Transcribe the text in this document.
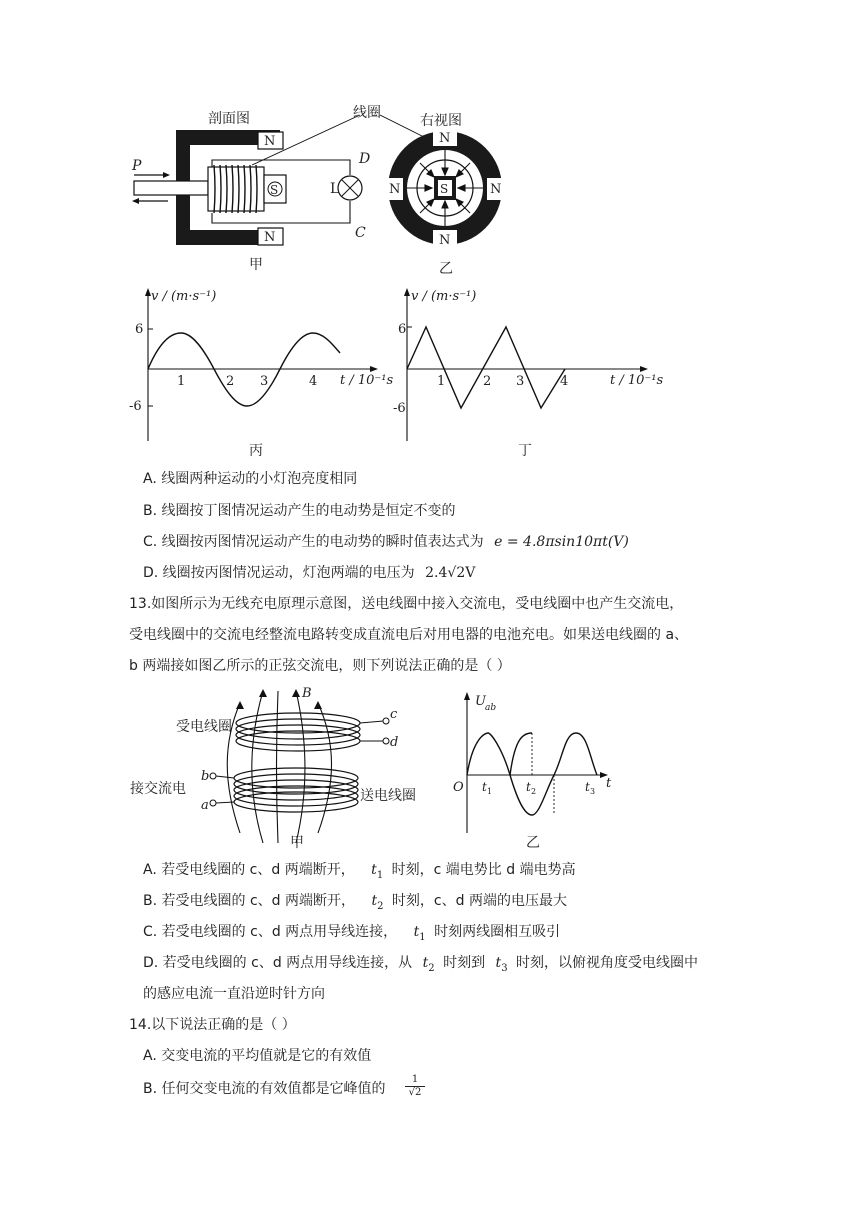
剖面图	线圈	右视图
P	D
C
L
S
N
N
N
N
N	N
S
甲	乙
v / (m·s⁻¹)
t / 10⁻¹s
6
-6
1	2 3	4
丙
v / (m·s⁻¹)
t / 10⁻¹s
6
-6
1	2 3	4
丁
A. 线圈两种运动的小灯泡亮度相同
B. 线圈按丁图情况运动产生的电动势是恒定不变的
C. 线圈按丙图情况运动产生的电动势的瞬时值表达式为 e = 4.8πsin10πt(V)
D. 线圈按丙图情况运动，灯泡两端的电压为 2.4√2V
13.如图所示为无线充电原理示意图，送电线圈中接入交流电，受电线圈中也产生交流电，
受电线圈中的交流电经整流电路转变成直流电后对用电器的电池充电。如果送电线圈的 a、
b 两端接如图乙所示的正弦交流电，则下列说法正确的是（ ）
B
受电线圈
c
d
接交流电
b
a
送电线圈
甲
U ab
O t 1	t 2	t 3
t
乙
A. 若受电线圈的 c、d 两端断开， $t_1$ 时刻，c 端电势比 d 端电势高
B. 若受电线圈的 c、d 两端断开， $t_2$ 时刻，c、d 两端的电压最大
C. 若受电线圈的 c、d 两点用导线连接， $t_1$ 时刻两线圈相互吸引
D. 若受电线圈的 c、d 两点用导线连接，从 $t_2$ 时刻到 $t_3$ 时刻，以俯视角度受电线圈中
的感应电流一直沿逆时针方向
14.以下说法正确的是（ ）
A. 交变电流的平均值就是它的有效值
B. 任何交变电流的有效值都是它峰值的 $\frac{1}{√2}$
